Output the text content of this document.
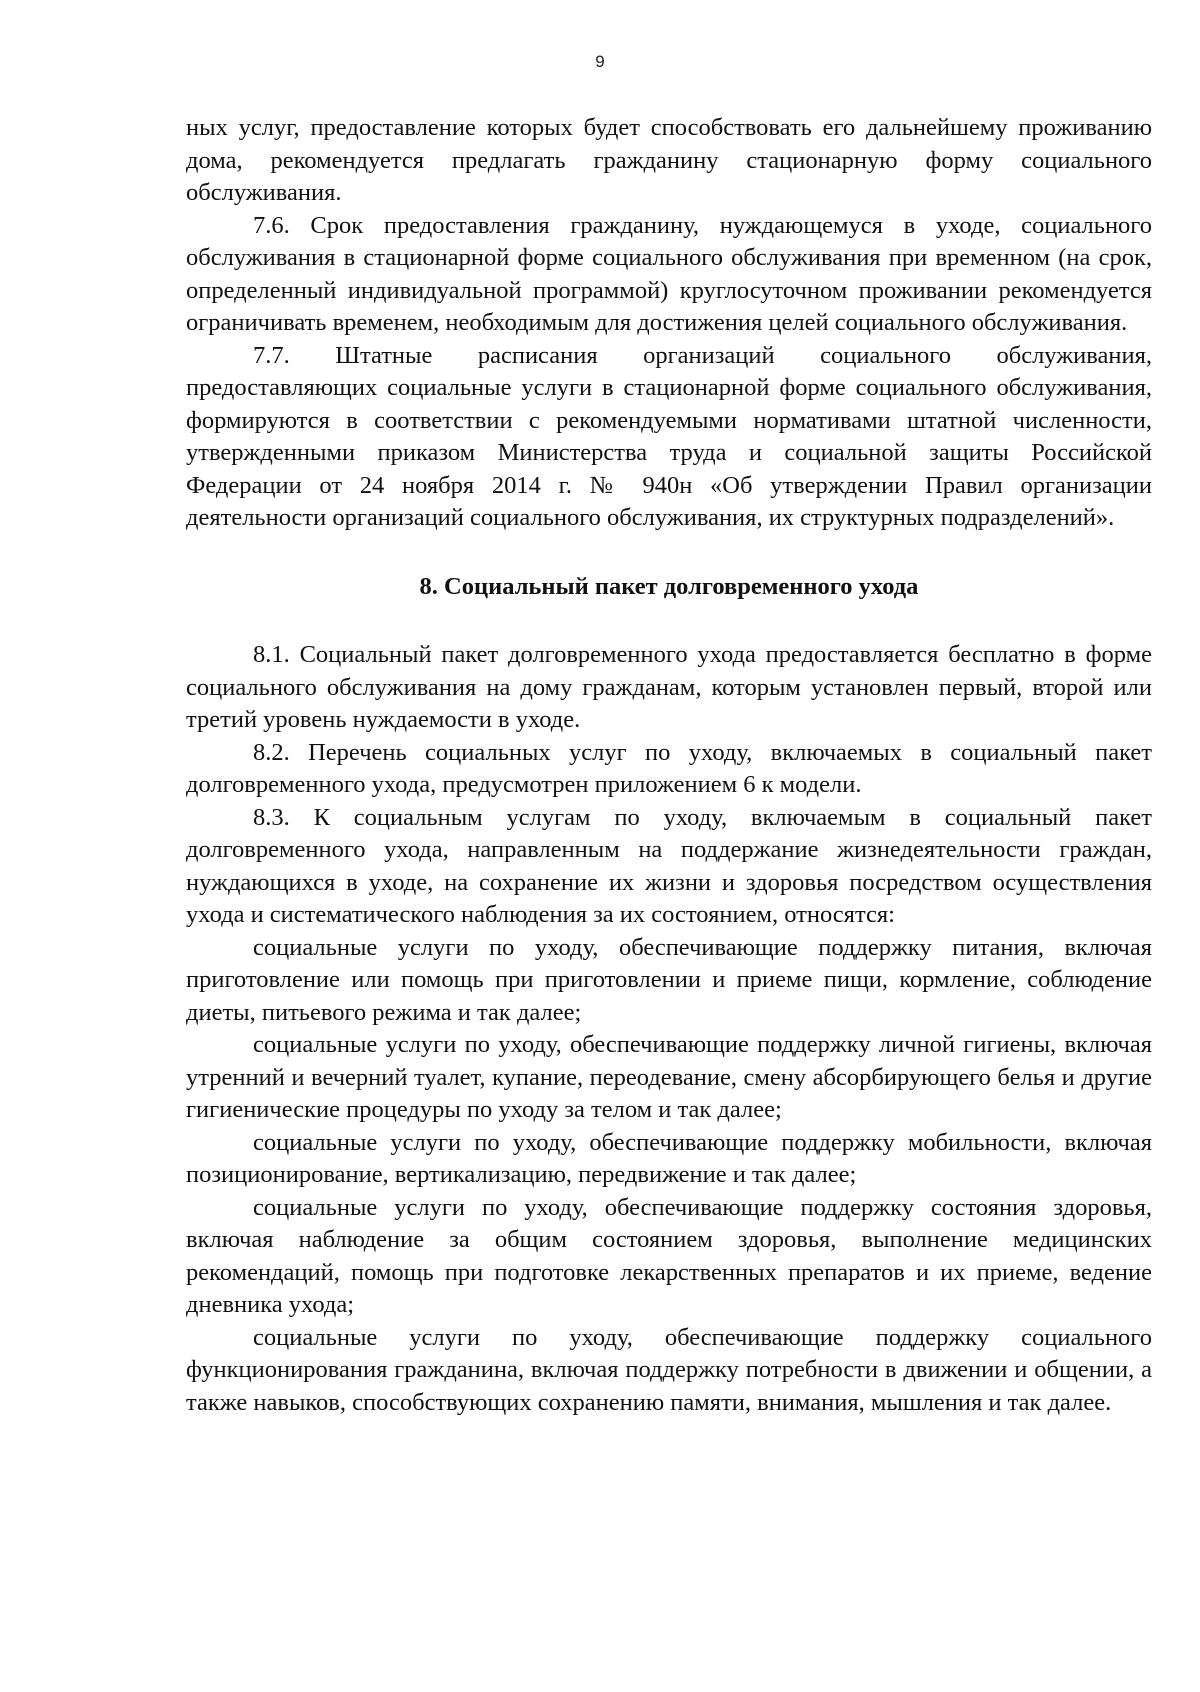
9

ных услуг, предоставление которых будет способствовать его дальнейшему проживанию дома, рекомендуется предлагать гражданину стационарную форму социального обслуживания.

7.6. Срок предоставления гражданину, нуждающемуся в уходе, социального обслуживания в стационарной форме социального обслуживания при временном (на срок, определенный индивидуальной программой) круглосуточном проживании рекомендуется ограничивать временем, необходимым для достижения целей социального обслуживания.

7.7. Штатные расписания организаций социального обслуживания, предоставляющих социальные услуги в стационарной форме социального обслуживания, формируются в соответствии с рекомендуемыми нормативами штатной численности, утвержденными приказом Министерства труда и социальной защиты Российской Федерации от 24 ноября 2014 г. № 940н «Об утверждении Правил организации деятельности организаций социального обслуживания, их структурных подразделений».

8. Социальный пакет долговременного ухода

8.1. Социальный пакет долговременного ухода предоставляется бесплатно в форме социального обслуживания на дому гражданам, которым установлен первый, второй или третий уровень нуждаемости в уходе.

8.2. Перечень социальных услуг по уходу, включаемых в социальный пакет долговременного ухода, предусмотрен приложением 6 к модели.

8.3. К социальным услугам по уходу, включаемым в социальный пакет долговременного ухода, направленным на поддержание жизнедеятельности граждан, нуждающихся в уходе, на сохранение их жизни и здоровья посредством осуществления ухода и систематического наблюдения за их состоянием, относятся:

социальные услуги по уходу, обеспечивающие поддержку питания, включая приготовление или помощь при приготовлении и приеме пищи, кормление, соблюдение диеты, питьевого режима и так далее;

социальные услуги по уходу, обеспечивающие поддержку личной гигиены, включая утренний и вечерний туалет, купание, переодевание, смену абсорбирующего белья и другие гигиенические процедуры по уходу за телом и так далее;

социальные услуги по уходу, обеспечивающие поддержку мобильности, включая позиционирование, вертикализацию, передвижение и так далее;

социальные услуги по уходу, обеспечивающие поддержку состояния здоровья, включая наблюдение за общим состоянием здоровья, выполнение медицинских рекомендаций, помощь при подготовке лекарственных препаратов и их приеме, ведение дневника ухода;

социальные услуги по уходу, обеспечивающие поддержку социального функционирования гражданина, включая поддержку потребности в движении и общении, а также навыков, способствующих сохранению памяти, внимания, мышления и так далее.
